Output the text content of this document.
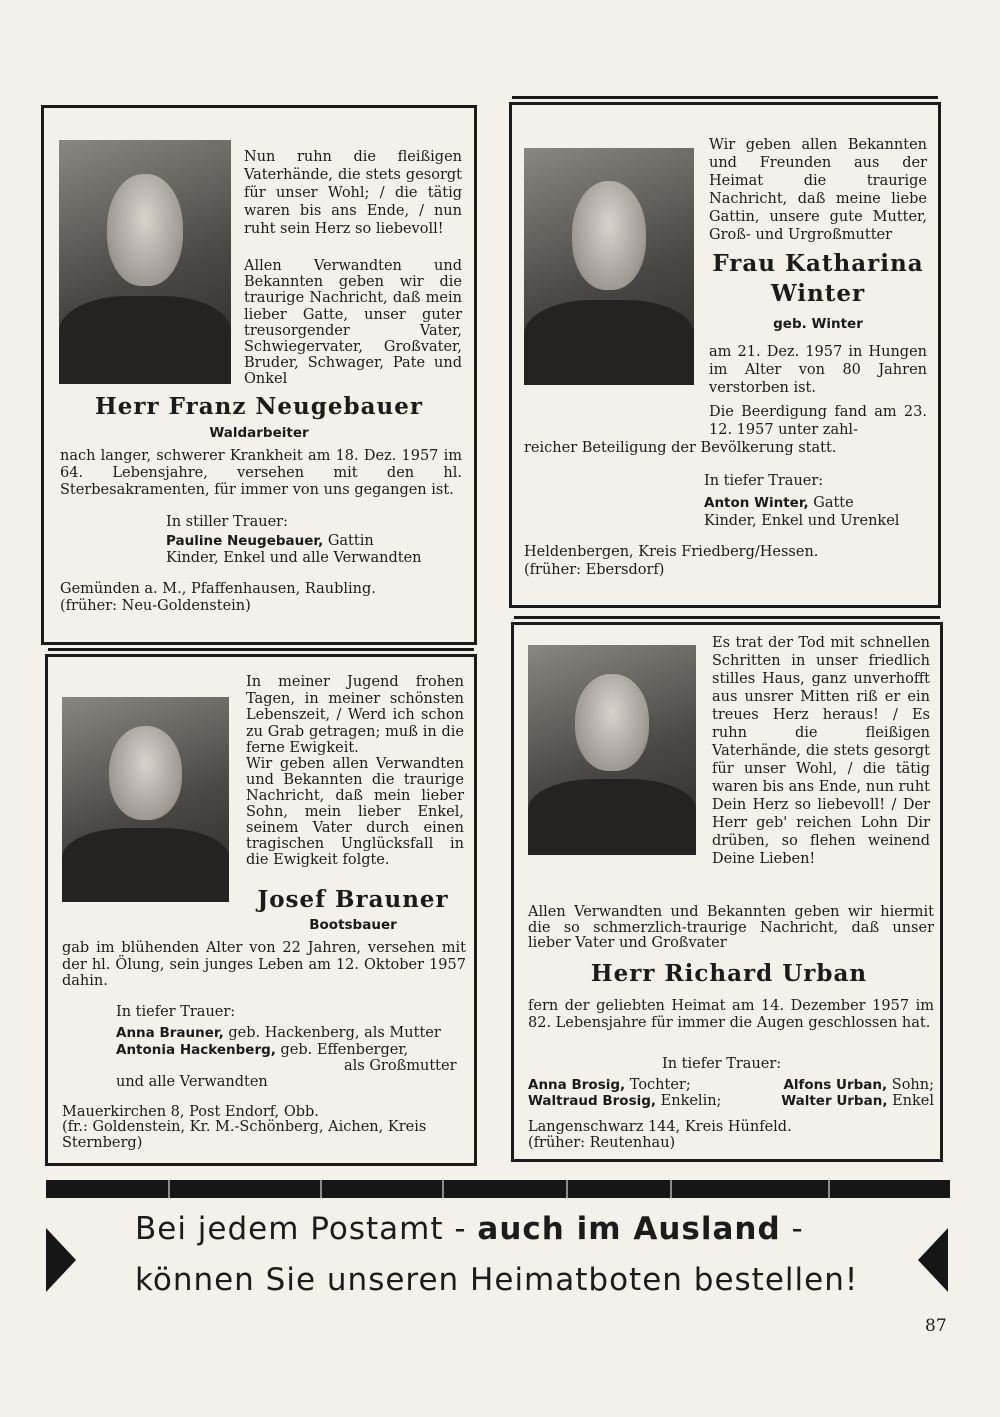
Nun ruhn die fleißigen Vaterhände, die stets gesorgt für unser Wohl; / die tätig waren bis ans Ende, / nun ruht sein Herz so liebevoll!

Allen Verwandten und Bekannten geben wir die traurige Nachricht, daß mein lieber Gatte, unser guter treusorgender Vater, Schwiegervater, Großvater, Bruder, Schwager, Pate und Onkel

Herr Franz Neugebauer

Waldarbeiter

nach langer, schwerer Krankheit am 18. Dez. 1957 im 64. Lebensjahre, versehen mit den hl. Sterbesakramenten, für immer von uns gegangen ist.

In stiller Trauer:

Pauline Neugebauer, Gattin

Kinder, Enkel und alle Verwandten

Gemünden a. M., Pfaffenhausen, Raubling.

(früher: Neu-Goldenstein)

Wir geben allen Bekannten und Freunden aus der Heimat die traurige Nachricht, daß meine liebe Gattin, unsere gute Mutter, Groß- und Urgroßmutter

Frau Katharina

Winter

geb. Winter

am 21. Dez. 1957 in Hungen im Alter von 80 Jahren verstorben ist.

Die Beerdigung fand am 23. 12. 1957 unter zahl-

reicher Beteiligung der Bevölkerung statt.

In tiefer Trauer:

Anton Winter, Gatte

Kinder, Enkel und Urenkel

Heldenbergen, Kreis Friedberg/Hessen.

(früher: Ebersdorf)

In meiner Jugend frohen Tagen, in meiner schönsten Lebenszeit, / Werd ich schon zu Grab getragen; muß in die ferne Ewigkeit.

Wir geben allen Verwandten und Bekannten die traurige Nachricht, daß mein lieber Sohn, mein lieber Enkel, seinem Vater durch einen tragischen Unglücksfall in die Ewigkeit folgte.

Josef Brauner

Bootsbauer

gab im blühenden Alter von 22 Jahren, versehen mit der hl. Ölung, sein junges Leben am 12. Oktober 1957 dahin.

In tiefer Trauer:

Anna Brauner, geb. Hackenberg, als Mutter

Antonia Hackenberg, geb. Effenberger,

als Großmutter

und alle Verwandten

Mauerkirchen 8, Post Endorf, Obb.

(fr.: Goldenstein, Kr. M.-Schönberg, Aichen, Kreis Sternberg)

Es trat der Tod mit schnellen Schritten in unser friedlich stilles Haus, ganz unverhofft aus unsrer Mitten riß er ein treues Herz heraus! / Es ruhn die fleißigen Vaterhände, die stets gesorgt für unser Wohl, / die tätig waren bis ans Ende, nun ruht Dein Herz so liebevoll! / Der Herr geb' reichen Lohn Dir drüben, so flehen weinend Deine Lieben!

Allen Verwandten und Bekannten geben wir hiermit die so schmerzlich-traurige Nachricht, daß unser lieber Vater und Großvater

Herr Richard Urban

fern der geliebten Heimat am 14. Dezember 1957 im 82. Lebensjahre für immer die Augen geschlossen hat.

In tiefer Trauer:

Anna Brosig, Tochter;	Alfons Urban, Sohn;

Waltraud Brosig, Enkelin;	Walter Urban, Enkel

Langenschwarz 144, Kreis Hünfeld.

(früher: Reutenhau)

Bei jedem Postamt - auch im Ausland -

können Sie unseren Heimatboten bestellen!

87
